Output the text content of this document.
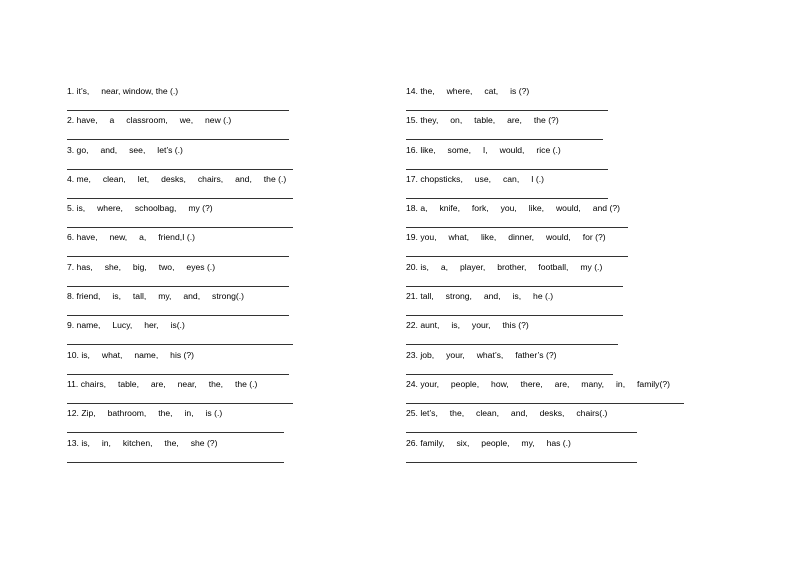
1. it’s,     near, window, the (.)
2. have,     a     classroom,     we,     new (.)
3. go,     and,     see,     let’s (.)
4. me,     clean,     let,     desks,     chairs,     and,     the (.)
5. is,     where,     schoolbag,     my (?)
6. have,     new,     a,     friend,I (.)
7. has,     she,     big,     two,     eyes (.)
8. friend,     is,     tall,     my,     and,     strong(.)
9. name,     Lucy,     her,     is(.)
10. is,     what,     name,     his (?)
11. chairs,     table,     are,     near,     the,     the (.)
12. Zip,     bathroom,     the,     in,     is (.)
13. is,     in,     kitchen,     the,     she (?)
14. the,     where,     cat,     is (?)
15. they,     on,     table,     are,     the (?)
16. like,     some,     I,     would,     rice (.)
17. chopsticks,     use,     can,     I (.)
18. a,     knife,     fork,     you,     like,     would,     and (?)
19. you,     what,     like,     dinner,     would,     for (?)
20. is,     a,     player,     brother,     football,     my (.)
21. tall,     strong,     and,     is,     he (.)
22. aunt,     is,     your,     this (?)
23. job,     your,     what’s,     father’s (?)
24. your,     people,     how,     there,     are,     many,     in,     family(?)
25. let’s,     the,     clean,     and,     desks,     chairs(.)
26. family,     six,     people,     my,     has (.)
